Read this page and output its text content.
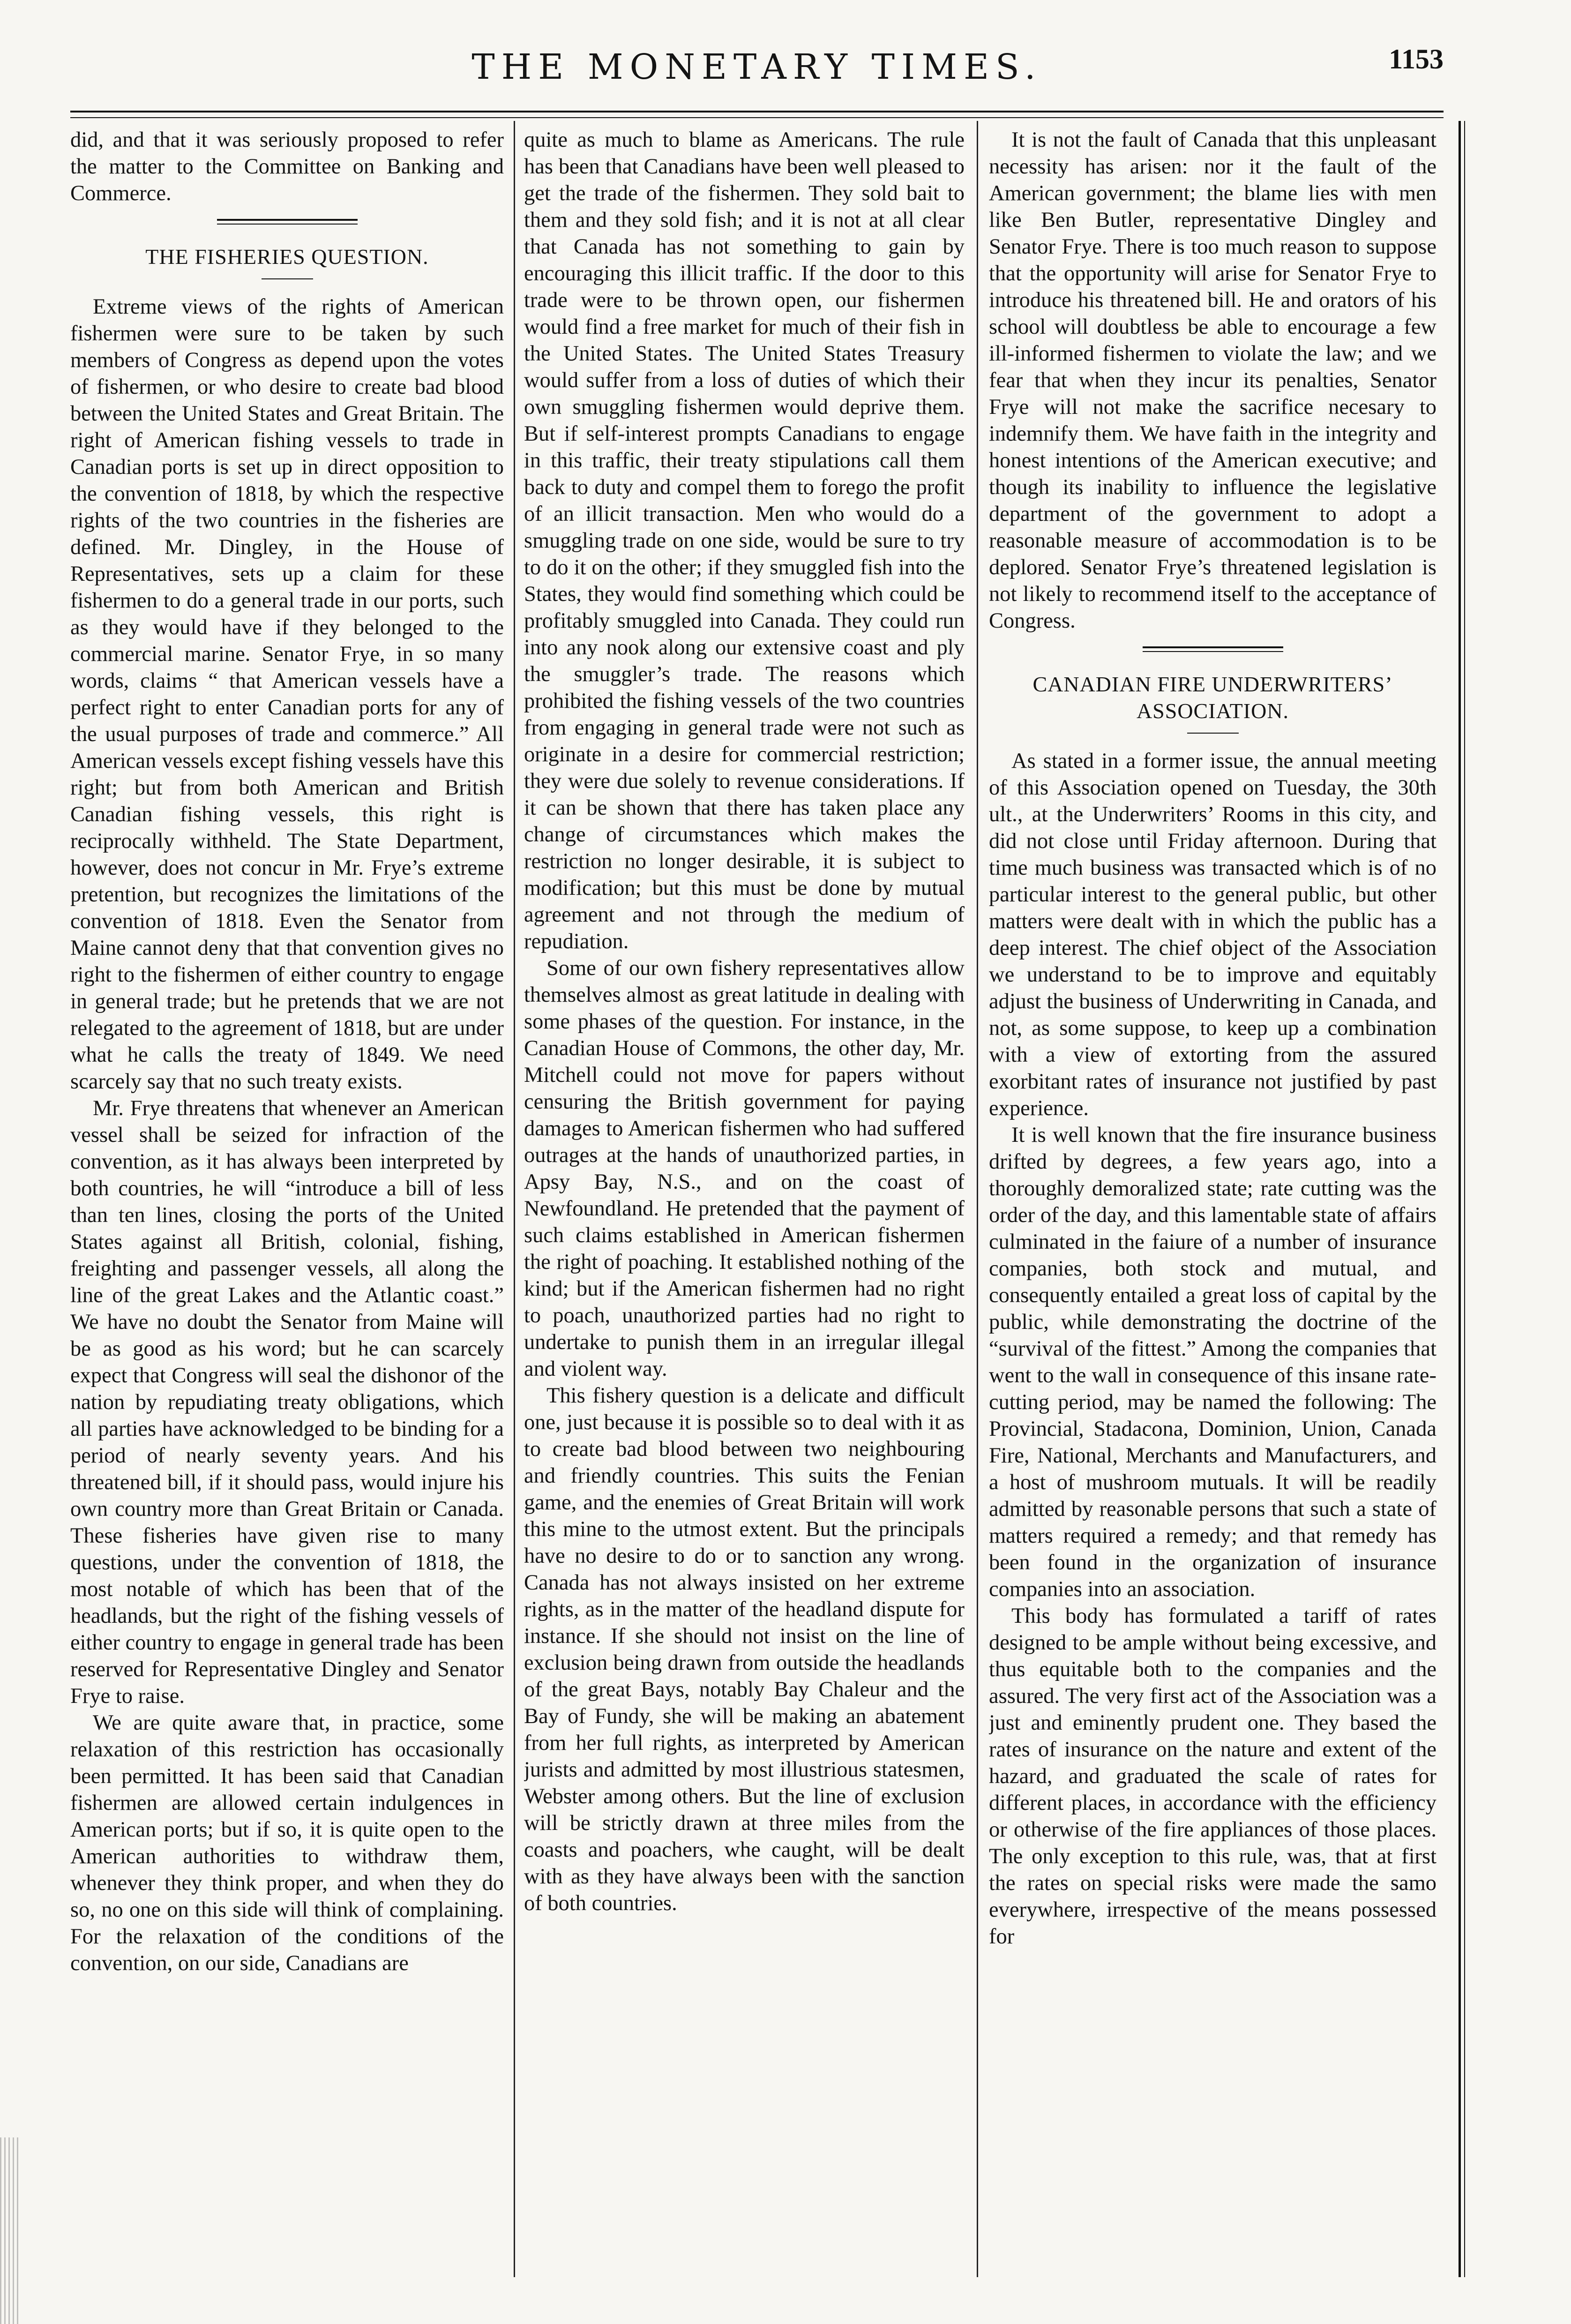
THE MONETARY TIMES.	1153

did, and that it was seriously proposed to refer the matter to the Committee on Banking and Commerce.

THE FISHERIES QUESTION.

Extreme views of the rights of American fishermen were sure to be taken by such members of Congress as depend upon the votes of fishermen, or who desire to create bad blood between the United States and Great Britain. The right of American fishing vessels to trade in Canadian ports is set up in direct opposition to the convention of 1818, by which the respective rights of the two countries in the fisheries are defined. Mr. Dingley, in the House of Representatives, sets up a claim for these fishermen to do a general trade in our ports, such as they would have if they belonged to the commercial marine. Senator Frye, in so many words, claims “ that American vessels have a perfect right to enter Canadian ports for any of the usual purposes of trade and commerce.” All American vessels except fishing vessels have this right; but from both American and British Canadian fishing vessels, this right is reciprocally withheld. The State Department, however, does not concur in Mr. Frye’s extreme pretention, but recognizes the limitations of the convention of 1818. Even the Senator from Maine cannot deny that that convention gives no right to the fishermen of either country to engage in general trade; but he pretends that we are not relegated to the agreement of 1818, but are under what he calls the treaty of 1849. We need scarcely say that no such treaty exists.

Mr. Frye threatens that whenever an American vessel shall be seized for infraction of the convention, as it has always been interpreted by both countries, he will “introduce a bill of less than ten lines, closing the ports of the United States against all British, colonial, fishing, freighting and passenger vessels, all along the line of the great Lakes and the Atlantic coast.” We have no doubt the Senator from Maine will be as good as his word; but he can scarcely expect that Congress will seal the dishonor of the nation by repudiating treaty obligations, which all parties have acknowledged to be binding for a period of nearly seventy years. And his threatened bill, if it should pass, would injure his own country more than Great Britain or Canada. These fisheries have given rise to many questions, under the convention of 1818, the most notable of which has been that of the headlands, but the right of the fishing vessels of either country to engage in general trade has been reserved for Representative Dingley and Senator Frye to raise.

We are quite aware that, in practice, some relaxation of this restriction has occasionally been permitted. It has been said that Canadian fishermen are allowed certain indulgences in American ports; but if so, it is quite open to the American authorities to withdraw them, whenever they think proper, and when they do so, no one on this side will think of complaining. For the relaxation of the conditions of the convention, on our side, Canadians are

quite as much to blame as Americans. The rule has been that Canadians have been well pleased to get the trade of the fishermen. They sold bait to them and they sold fish; and it is not at all clear that Canada has not something to gain by encouraging this illicit traffic. If the door to this trade were to be thrown open, our fishermen would find a free market for much of their fish in the United States. The United States Treasury would suffer from a loss of duties of which their own smuggling fishermen would deprive them. But if self-interest prompts Canadians to engage in this traffic, their treaty stipulations call them back to duty and compel them to forego the profit of an illicit transaction. Men who would do a smuggling trade on one side, would be sure to try to do it on the other; if they smuggled fish into the States, they would find something which could be profitably smuggled into Canada. They could run into any nook along our extensive coast and ply the smuggler’s trade. The reasons which prohibited the fishing vessels of the two countries from engaging in general trade were not such as originate in a desire for commercial restriction; they were due solely to revenue considerations. If it can be shown that there has taken place any change of circumstances which makes the restriction no longer desirable, it is subject to modification; but this must be done by mutual agreement and not through the medium of repudiation.

Some of our own fishery representatives allow themselves almost as great latitude in dealing with some phases of the question. For instance, in the Canadian House of Commons, the other day, Mr. Mitchell could not move for papers without censuring the British government for paying damages to American fishermen who had suffered outrages at the hands of unauthorized parties, in Apsy Bay, N.S., and on the coast of Newfoundland. He pretended that the payment of such claims established in American fishermen the right of poaching. It established nothing of the kind; but if the American fishermen had no right to poach, unauthorized parties had no right to undertake to punish them in an irregular illegal and violent way.

This fishery question is a delicate and difficult one, just because it is possible so to deal with it as to create bad blood between two neighbouring and friendly countries. This suits the Fenian game, and the enemies of Great Britain will work this mine to the utmost extent. But the principals have no desire to do or to sanction any wrong. Canada has not always insisted on her extreme rights, as in the matter of the headland dispute for instance. If she should not insist on the line of exclusion being drawn from outside the headlands of the great Bays, notably Bay Chaleur and the Bay of Fundy, she will be making an abatement from her full rights, as interpreted by American jurists and admitted by most illustrious statesmen, Webster among others. But the line of exclusion will be strictly drawn at three miles from the coasts and poachers, whe caught, will be dealt with as they have always been with the sanction of both countries.

It is not the fault of Canada that this unpleasant necessity has arisen: nor it the fault of the American government; the blame lies with men like Ben Butler, representative Dingley and Senator Frye. There is too much reason to suppose that the opportunity will arise for Senator Frye to introduce his threatened bill. He and orators of his school will doubtless be able to encourage a few ill-informed fishermen to violate the law; and we fear that when they incur its penalties, Senator Frye will not make the sacrifice necesary to indemnify them. We have faith in the integrity and honest intentions of the American executive; and though its inability to influence the legislative department of the government to adopt a reasonable measure of accommodation is to be deplored. Senator Frye’s threatened legislation is not likely to recommend itself to the acceptance of Congress.

CANADIAN FIRE UNDERWRITERS’

ASSOCIATION.

As stated in a former issue, the annual meeting of this Association opened on Tuesday, the 30th ult., at the Underwriters’ Rooms in this city, and did not close until Friday afternoon. During that time much business was transacted which is of no particular interest to the general public, but other matters were dealt with in which the public has a deep interest. The chief object of the Association we understand to be to improve and equitably adjust the business of Underwriting in Canada, and not, as some suppose, to keep up a combination with a view of extorting from the assured exorbitant rates of insurance not justified by past experience.

It is well known that the fire insurance business drifted by degrees, a few years ago, into a thoroughly demoralized state; rate cutting was the order of the day, and this lamentable state of affairs culminated in the faiure of a number of insurance companies, both stock and mutual, and consequently entailed a great loss of capital by the public, while demonstrating the doctrine of the “survival of the fittest.” Among the companies that went to the wall in consequence of this insane rate-cutting period, may be named the following: The Provincial, Stadacona, Dominion, Union, Canada Fire, National, Merchants and Manufacturers, and a host of mushroom mutuals. It will be readily admitted by reasonable persons that such a state of matters required a remedy; and that remedy has been found in the organization of insurance companies into an association.

This body has formulated a tariff of rates designed to be ample without being excessive, and thus equitable both to the companies and the assured. The very first act of the Association was a just and eminently prudent one. They based the rates of insurance on the nature and extent of the hazard, and graduated the scale of rates for different places, in accordance with the efficiency or otherwise of the fire appliances of those places. The only exception to this rule, was, that at first the rates on special risks were made the samo everywhere, irrespective of the means possessed for
